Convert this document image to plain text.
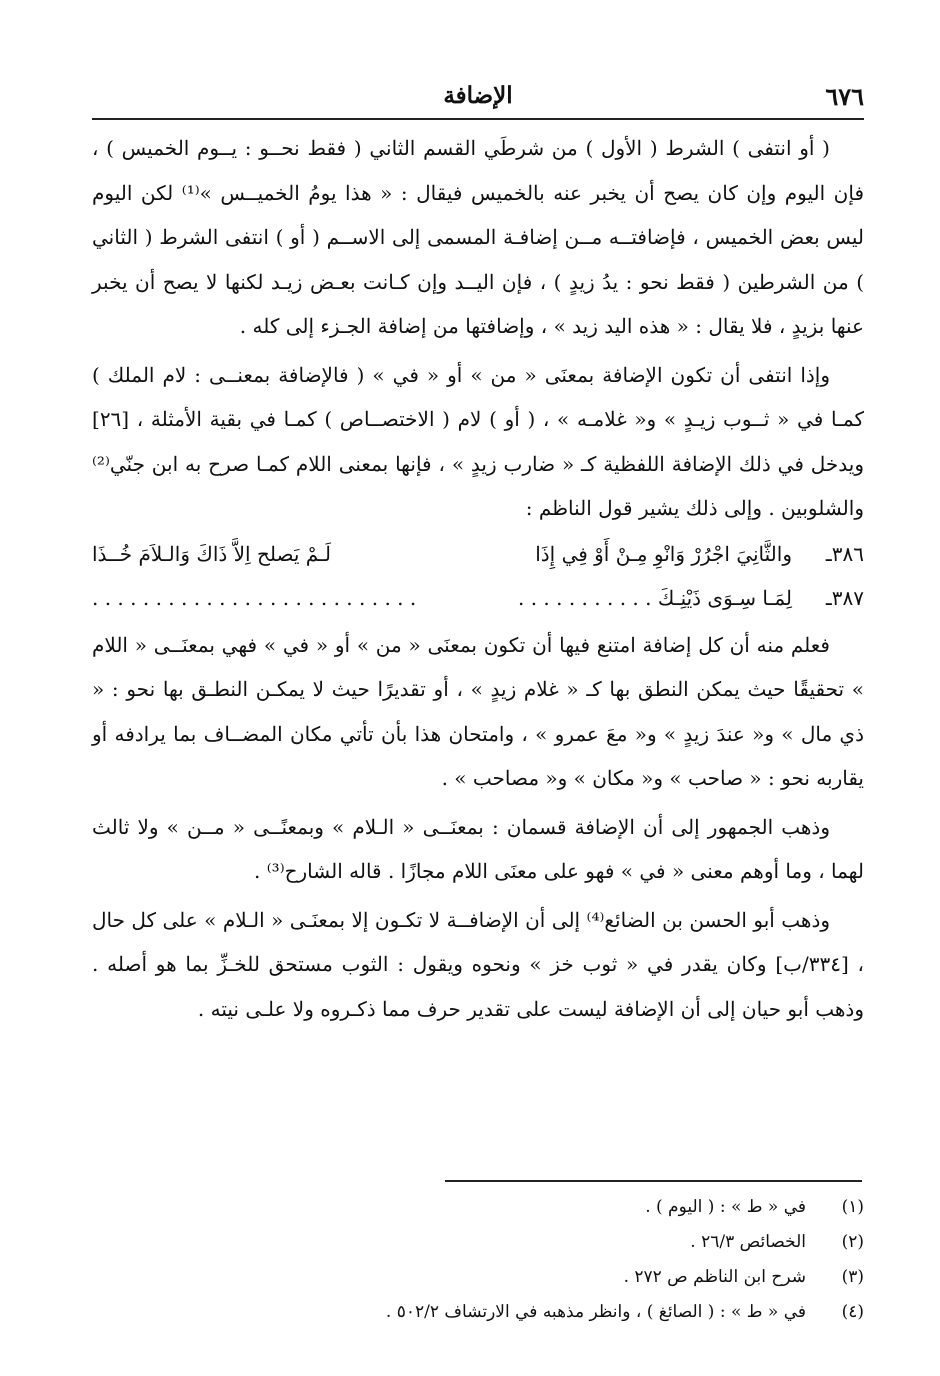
٦٧٦
الإضافة

( أو انتفى ) الشرط ( الأول ) من شرطَي القسم الثاني ( فقط نحــو : يــوم الخميس ) ، فإن اليوم وإن كان يصح أن يخبر عنه بالخميس فيقال : « هذا يومُ الخميــس »⁽¹⁾ لكن اليوم ليس بعض الخميس ، فإضافتــه مــن إضافـة المسمى إلى الاســم ( أو ) انتفى الشرط ( الثاني ) من الشرطين ( فقط نحو : يدُ زيدٍ ) ، فإن اليــد وإن كـانت بعـض زيـد لكنها لا يصح أن يخبر عنها بزيدٍ ، فلا يقال : « هذه اليد زيد » ، وإضافتها من إضافة الجـزء إلى كله .

وإذا انتفى أن تكون الإضافة بمعنَى « من » أو « في » ( فالإضافة بمعنــى : لام الملك ) كمـا في « ثــوب زيـدٍ » و« غلامـه » ، ( أو ) لام ( الاختصــاص ) كمـا في بقية الأمثلة ، [٢٦] ويدخل في ذلك الإضافة اللفظية كـ « ضارب زيدٍ » ، فإنها بمعنى اللام كمـا صرح به ابن جنّي⁽²⁾ والشلوبين . وإلى ذلك يشير قول الناظم :

٣٨٦ـ
والثَّانِيَ اجْرُرْ وَانْوِ مِـنْ أَوْ فِي إِذَا
لَـمْ يَصلح اِلاَّ ذَاكَ وَالـلاَمَ خُــذَا
٣٨٧ـ
لِمَـا سِـوَى ذَيْنِـكَ . . . . . . . . . . .
. . . . . . . . . . . . . . . . . . . . . . . . . .

فعلم منه أن كل إضافة امتنع فيها أن تكون بمعنَى « من » أو « في » فهي بمعنَــى « اللام » تحقيقًا حيث يمكن النطق بها كـ « غلام زيدٍ » ، أو تقديرًا حيث لا يمكـن النطـق بها نحو : « ذي مال » و« عندَ زيدٍ » و« معَ عمرو » ، وامتحان هذا بأن تأتي مكان المضــاف بما يرادفه أو يقاربه نحو : « صاحب » و« مكان » و« مصاحب » .

وذهب الجمهور إلى أن الإضافة قسمان : بمعنَــى « الـلام » وبمعنًــى « مــن » ولا ثالث لهما ، وما أوهم معنى « في » فهو على معنَى اللام مجازًا . قاله الشارح⁽³⁾ .

وذهب أبو الحسن بن الضائع⁽⁴⁾ إلى أن الإضافــة لا تكـون إلا بمعنَـى « الـلام » على كل حال ، [٣٣٤/ب] وكان يقدر في « ثوب خز » ونحوه ويقول : الثوب مستحق للخـزِّ بما هو أصله . وذهب أبو حيان إلى أن الإضافة ليست على تقدير حرف مما ذكـروه ولا علـى نيته .

(١)
في « ط » : ( اليوم ) .
(٢)
الخصائص ٢٦/٣ .
(٣)
شرح ابن الناظم ص ٢٧٢ .
(٤)
في « ط » : ( الصائغ ) ، وانظر مذهبه في الارتشاف ٥٠٢/٢ .
